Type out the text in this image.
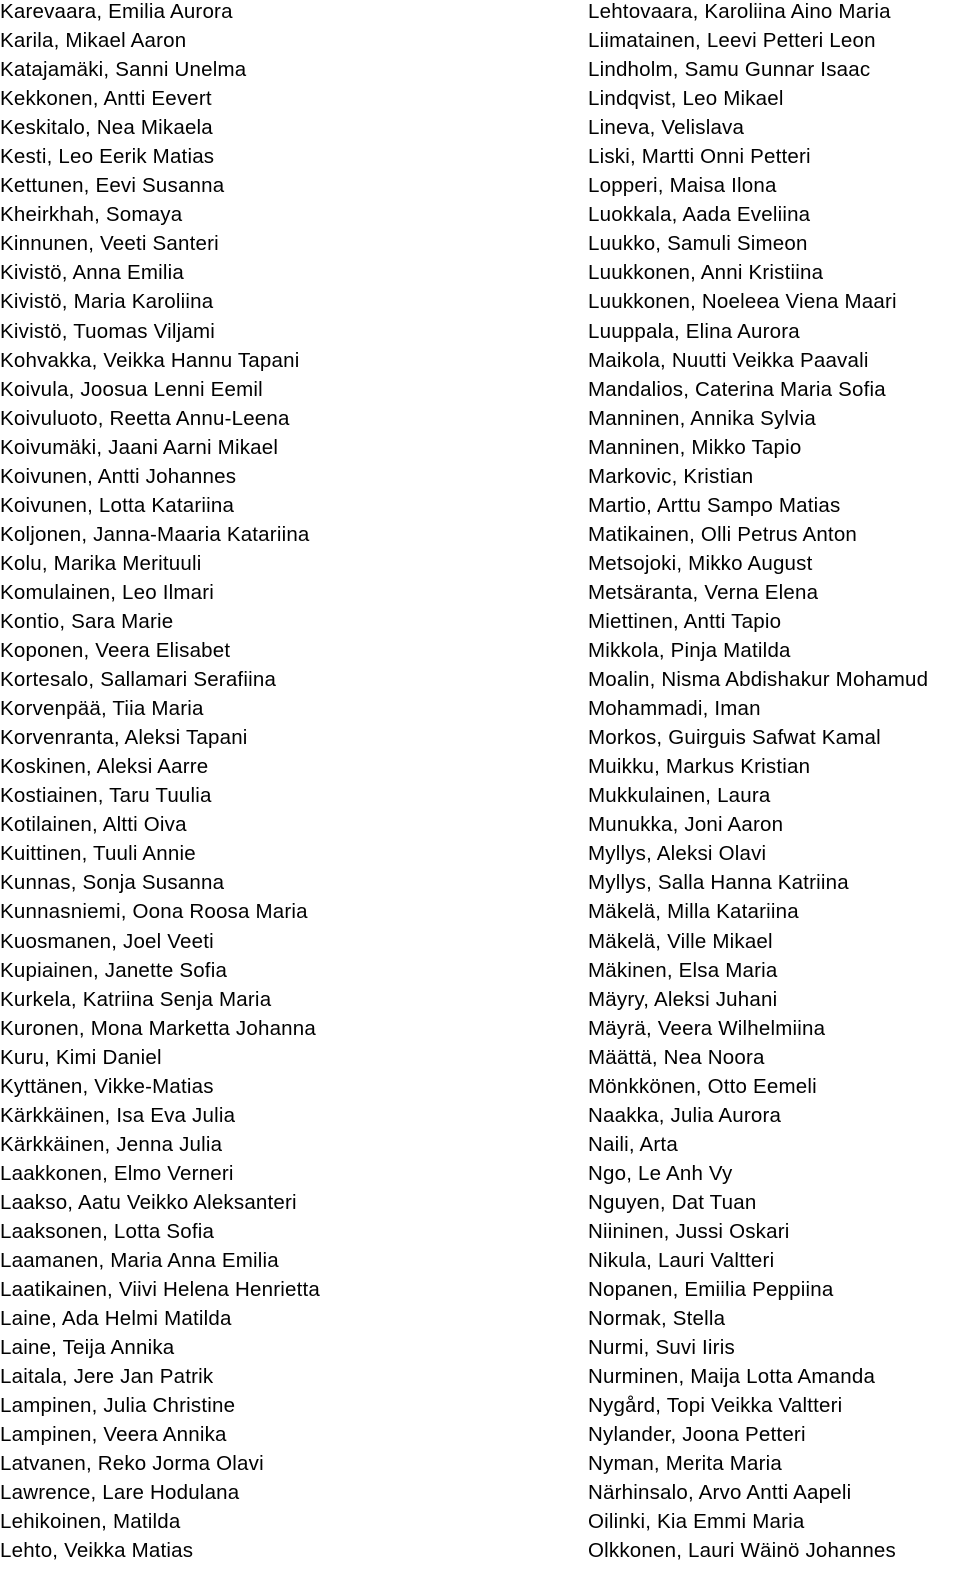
Karevaara, Emilia Aurora
Karila, Mikael Aaron
Katajamäki, Sanni Unelma
Kekkonen, Antti Eevert
Keskitalo, Nea Mikaela
Kesti, Leo Eerik Matias
Kettunen, Eevi Susanna
Kheirkhah, Somaya
Kinnunen, Veeti Santeri
Kivistö, Anna Emilia
Kivistö, Maria Karoliina
Kivistö, Tuomas Viljami
Kohvakka, Veikka Hannu Tapani
Koivula, Joosua Lenni Eemil
Koivuluoto, Reetta Annu-Leena
Koivumäki, Jaani Aarni Mikael
Koivunen, Antti Johannes
Koivunen, Lotta Katariina
Koljonen, Janna-Maaria Katariina
Kolu, Marika Merituuli
Komulainen, Leo Ilmari
Kontio, Sara Marie
Koponen, Veera Elisabet
Kortesalo, Sallamari Serafiina
Korvenpää, Tiia Maria
Korvenranta, Aleksi Tapani
Koskinen, Aleksi Aarre
Kostiainen, Taru Tuulia
Kotilainen, Altti Oiva
Kuittinen, Tuuli Annie
Kunnas, Sonja Susanna
Kunnasniemi, Oona Roosa Maria
Kuosmanen, Joel Veeti
Kupiainen, Janette Sofia
Kurkela, Katriina Senja Maria
Kuronen, Mona Marketta Johanna
Kuru, Kimi Daniel
Kyttänen, Vikke-Matias
Kärkkäinen, Isa Eva Julia
Kärkkäinen, Jenna Julia
Laakkonen, Elmo Verneri
Laakso, Aatu Veikko Aleksanteri
Laaksonen, Lotta Sofia
Laamanen, Maria Anna Emilia
Laatikainen, Viivi Helena Henrietta
Laine, Ada Helmi Matilda
Laine, Teija Annika
Laitala, Jere Jan Patrik
Lampinen, Julia Christine
Lampinen, Veera Annika
Latvanen, Reko Jorma Olavi
Lawrence, Lare Hodulana
Lehikoinen, Matilda
Lehto, Veikka Matias
Lehtovaara, Karoliina Aino Maria
Liimatainen, Leevi Petteri Leon
Lindholm, Samu Gunnar Isaac
Lindqvist, Leo Mikael
Lineva, Velislava
Liski, Martti Onni Petteri
Lopperi, Maisa Ilona
Luokkala, Aada Eveliina
Luukko, Samuli Simeon
Luukkonen, Anni Kristiina
Luukkonen, Noeleea Viena Maari
Luuppala, Elina Aurora
Maikola, Nuutti Veikka Paavali
Mandalios, Caterina Maria Sofia
Manninen, Annika Sylvia
Manninen, Mikko Tapio
Markovic, Kristian
Martio, Arttu Sampo Matias
Matikainen, Olli Petrus Anton
Metsojoki, Mikko August
Metsäranta, Verna Elena
Miettinen, Antti Tapio
Mikkola, Pinja Matilda
Moalin, Nisma Abdishakur Mohamud
Mohammadi, Iman
Morkos, Guirguis Safwat Kamal
Muikku, Markus Kristian
Mukkulainen, Laura
Munukka, Joni Aaron
Myllys, Aleksi Olavi
Myllys, Salla Hanna Katriina
Mäkelä, Milla Katariina
Mäkelä, Ville Mikael
Mäkinen, Elsa Maria
Mäyry, Aleksi Juhani
Mäyrä, Veera Wilhelmiina
Määttä, Nea Noora
Mönkkönen, Otto Eemeli
Naakka, Julia Aurora
Naili, Arta
Ngo, Le Anh Vy
Nguyen, Dat Tuan
Niininen, Jussi Oskari
Nikula, Lauri Valtteri
Nopanen, Emiilia Peppiina
Normak, Stella
Nurmi, Suvi Iiris
Nurminen, Maija Lotta Amanda
Nygård, Topi Veikka Valtteri
Nylander, Joona Petteri
Nyman, Merita Maria
Närhinsalo, Arvo Antti Aapeli
Oilinki, Kia Emmi Maria
Olkkonen, Lauri Wäinö Johannes
